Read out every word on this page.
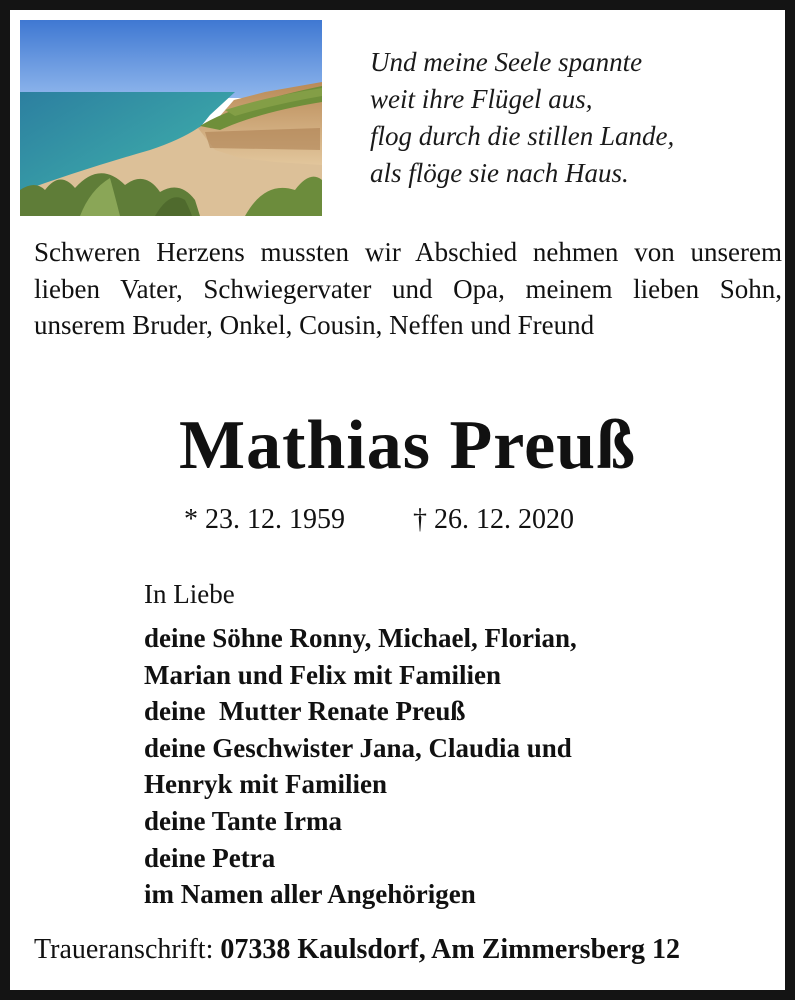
Und meine Seele spannte
weit ihre Flügel aus,
flog durch die stillen Lande,
als flöge sie nach Haus.
Schweren Herzens mussten wir Abschied nehmen von unserem lieben Vater, Schwiegervater und Opa, meinem lieben Sohn, unserem Bruder, Onkel, Cousin, Neffen und Freund
Mathias Preuß
* 23. 12. 1959 † 26. 12. 2020
In Liebe
deine Söhne Ronny, Michael, Florian,
Marian und Felix mit Familien
deine  Mutter Renate Preuß
deine Geschwister Jana, Claudia und
Henryk mit Familien
deine Tante Irma
deine Petra
im Namen aller Angehörigen
Traueranschrift: 07338 Kaulsdorf, Am Zimmersberg 12
